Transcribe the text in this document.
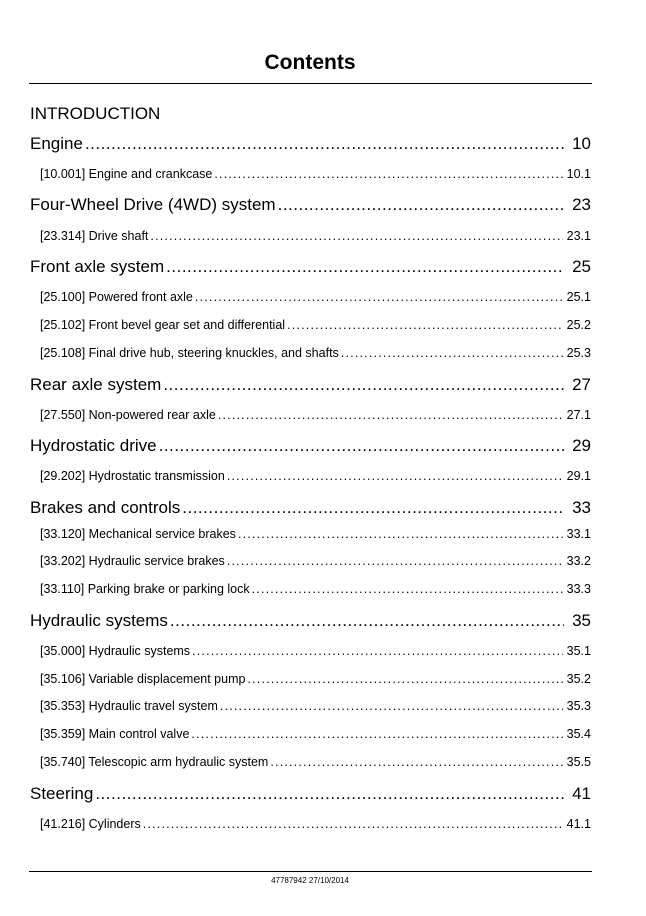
Contents
INTRODUCTION
Engine .....	10
[10.001] Engine and crankcase .....	10.1
Four-Wheel Drive (4WD) system .....	23
[23.314] Drive shaft .....	23.1
Front axle system .....	25
[25.100] Powered front axle .....	25.1
[25.102] Front bevel gear set and differential .....	25.2
[25.108] Final drive hub, steering knuckles, and shafts .....	25.3
Rear axle system .....	27
[27.550] Non-powered rear axle .....	27.1
Hydrostatic drive .....	29
[29.202] Hydrostatic transmission .....	29.1
Brakes and controls .....	33
[33.120] Mechanical service brakes .....	33.1
[33.202] Hydraulic service brakes .....	33.2
[33.110] Parking brake or parking lock .....	33.3
Hydraulic systems .....	35
[35.000] Hydraulic systems .....	35.1
[35.106] Variable displacement pump .....	35.2
[35.353] Hydraulic travel system .....	35.3
[35.359] Main control valve .....	35.4
[35.740] Telescopic arm hydraulic system .....	35.5
Steering .....	41
[41.216] Cylinders .....	41.1
47787942 27/10/2014
